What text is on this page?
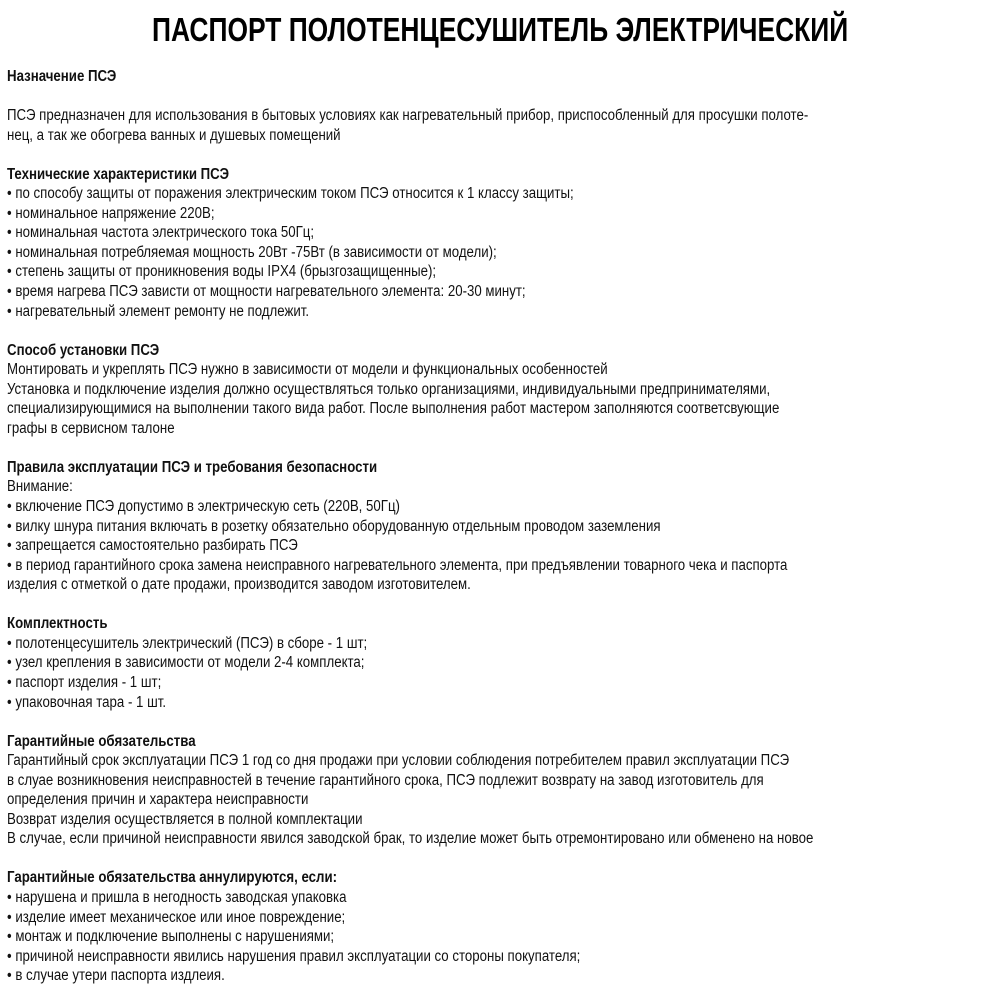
ПАСПОРТ ПОЛОТЕНЦЕСУШИТЕЛЬ ЭЛЕКТРИЧЕСКИЙ
Назначение ПСЭ
ПСЭ предназначен для использования в бытовых условиях как нагревательный прибор, приспособленный для просушки полоте-
нец, а так же обогрева ванных и душевых помещений
Технические характеристики ПСЭ
• по способу защиты от поражения электрическим током ПСЭ относится к 1 классу защиты;
• номинальное напряжение 220В;
• номинальная частота электрического тока 50Гц;
• номинальная потребляемая мощность 20Вт -75Вт (в зависимости от модели);
• степень защиты от проникновения воды IPX4 (брызгозащищенные);
• время нагрева ПСЭ зависти от мощности нагревательного элемента: 20-30 минут;
• нагревательный элемент ремонту не подлежит.
Способ установки ПСЭ
Монтировать и укреплять ПСЭ нужно в зависимости от модели и функциональных особенностей
Установка и подключение изделия должно осуществляться только организациями, индивидуальными предпринимателями,
специализирующимися на выполнении такого вида работ. После выполнения работ мастером заполняются соответсвующие
графы в сервисном талоне
Правила эксплуатации ПСЭ и требования безопасности
Внимание:
• включение ПСЭ допустимо в электрическую сеть (220В, 50Гц)
• вилку шнура питания включать в розетку обязательно оборудованную отдельным проводом заземления
• запрещается самостоятельно разбирать ПСЭ
• в период гарантийного срока замена неисправного нагревательного элемента, при предъявлении товарного чека и паспорта
изделия с отметкой о дате продажи, производится заводом изготовителем.
Комплектность
• полотенцесушитель электрический (ПСЭ) в сборе - 1 шт;
• узел крепления в зависимости от модели 2-4 комплекта;
• паспорт изделия - 1 шт;
• упаковочная тара - 1 шт.
Гарантийные обязательства
Гарантийный срок эксплуатации ПСЭ 1 год со дня продажи при условии соблюдения потребителем правил эксплуатации ПСЭ
в слуае возникновения неисправностей в течение гарантийного срока, ПСЭ подлежит возврату на завод изготовитель для
определения причин и характера неисправности
Возврат изделия осуществляется в полной комплектации
В случае, если причиной неисправности явился заводской брак, то изделие может быть отремонтировано или обменено на новое
Гарантийные обязательства аннулируются, если:
• нарушена и пришла в негодность заводская упаковка
• изделие имеет механическое или иное повреждение;
• монтаж и подключение выполнены с нарушениями;
• причиной неисправности явились нарушения правил эксплуатации со стороны покупателя;
• в случае утери паспорта издлеия.
